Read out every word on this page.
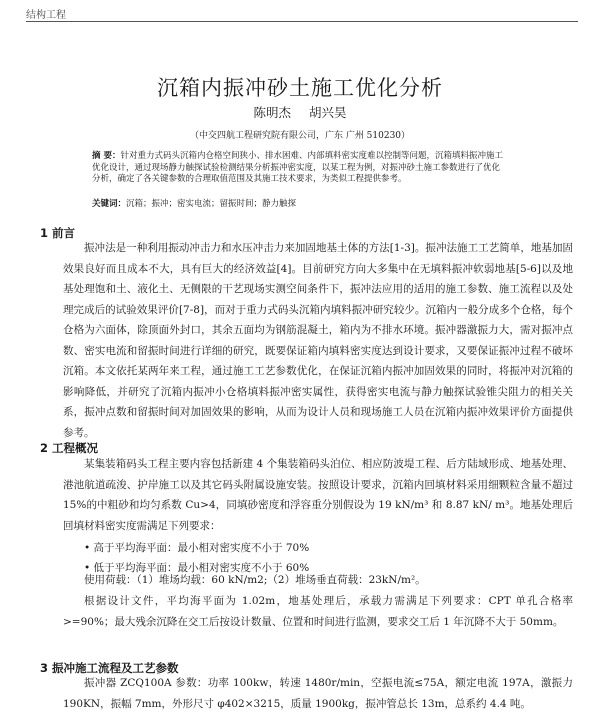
结构工程
沉箱内振冲砂土施工优化分析
陈明杰 胡兴昊
（中交四航工程研究院有限公司，广东 广州 510230）

摘 要：针对重力式码头沉箱内仓格空间狭小、排水困难、内部填料密实度难以控制等问题，沉箱填料振冲施工优化设计，通过现场静力触探试验检测结果分析振冲密实度，以某工程为例，对振冲砂土施工参数进行了优化分析，确定了各关键参数的合理取值范围及其施工技术要求，为类似工程提供参考。

关键词：沉箱；振冲；密实电流；留振时间；静力触探

1 前言

振冲法是一种利用振动冲击力和水压冲击力来加固地基土体的方法[1-3]。振冲法施工工艺简单，地基加固效果良好而且成本不大，具有巨大的经济效益[4]。目前研究方向大多集中在无填料振冲软弱地基[5-6]以及地基处理饱和土、液化土、无侧限的干艺现场实测空间条件下，振冲法应用的适用的施工参数、施工流程以及处理完成后的试验效果评价[7-8]，而对于重力式码头沉箱内填料振冲研究较少。沉箱内一般分成多个仓格，每个仓格为六面体，除顶面外封口，其余五面均为钢筋混凝土，箱内为不排水环境。振冲器激振力大，需对振冲点数、密实电流和留振时间进行详细的研究，既要保证箱内填料密实度达到设计要求，又要保证振冲过程不破坏沉箱。本文依托某两年来工程，通过施工工艺参数优化，在保证沉箱内振冲加固效果的同时，将振冲对沉箱的影响降低，并研究了沉箱内振冲小仓格填料振冲密实属性，获得密实电流与静力触探试验锥尖阻力的相关关系，振冲点数和留振时间对加固效果的影响，从而为设计人员和现场施工人员在沉箱内振冲效果评价方面提供参考。

2 工程概况

某集装箱码头工程主要内容包括新建 4 个集装箱码头泊位、相应防波堤工程、后方陆域形成、地基处理、港池航道疏浚、护岸施工以及其它码头附属设施安装。按照设计要求，沉箱内回填材料采用细颗粒含量不超过 15%的中粗砂和均匀系数 Cu>4，同填砂密度和浮容重分别假设为 19 kN/m³ 和 8.87 kN/ m³。地基处理后回填材料密实度需满足下列要求：

• 高于平均海平面：最小相对密实度不小于 70%
• 低于平均海平面：最小相对密实度不小于 60%

使用荷载：（1）堆场均载：60 kN/m2;（2）堆场垂直荷载：23kN/m²。

根据设计文件，平均海平面为 1.02m，地基处理后，承载力需满足下列要求：CPT 单孔合格率>=90%；最大残余沉降在交工后按设计数量、位置和时间进行监测，要求交工后 1 年沉降不大于 50mm。

3 振冲施工流程及工艺参数

振冲器 ZCQ100A 参数：功率 100kw，转速 1480r/min，空振电流≤75A，额定电流 197A，激振力 190KN，振幅 7mm，外形尺寸 φ402×3215，质量 1900kg，振冲管总长 13m，总系约 4.4 吨。
